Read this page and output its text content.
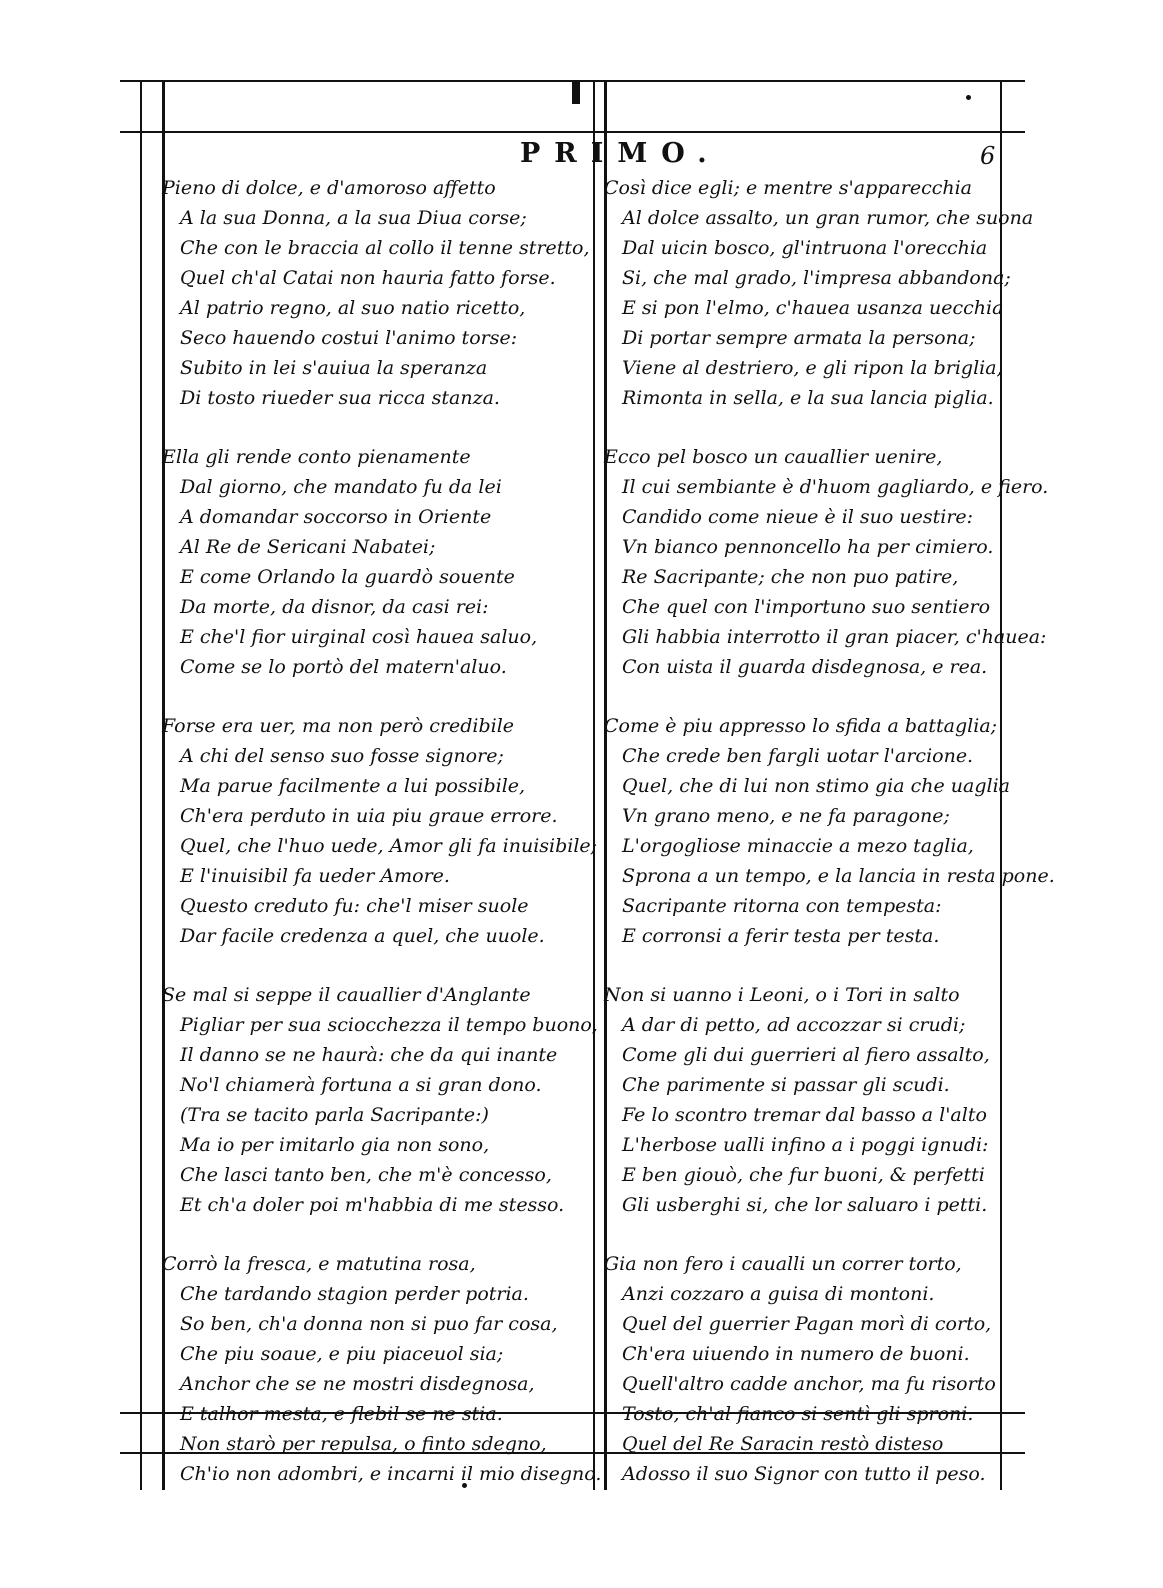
PRIMO.	6
Pieno di dolce, e d'amoroso affetto
A la sua Donna, a la sua Diua corse;
Che con le braccia al collo il tenne stretto,
Quel ch'al Catai non hauria fatto forse.
Al patrio regno, al suo natio ricetto,
Seco hauendo costui l'animo torse:
Subito in lei s'auiua la speranza
Di tosto riueder sua ricca stanza.
Ella gli rende conto pienamente
Dal giorno, che mandato fu da lei
A domandar soccorso in Oriente
Al Re de Sericani Nabatei;
E come Orlando la guardò souente
Da morte, da disnor, da casi rei:
E che'l fior uirginal così hauea saluo,
Come se lo portò del matern'aluo.
Forse era uer, ma non però credibile
A chi del senso suo fosse signore;
Ma parue facilmente a lui possibile,
Ch'era perduto in uia piu graue errore.
Quel, che l'huo uede, Amor gli fa inuisibile;
E l'inuisibil fa ueder Amore.
Questo creduto fu: che'l miser suole
Dar facile credenza a quel, che uuole.
Se mal si seppe il cauallier d'Anglante
Pigliar per sua sciocchezza il tempo buono,
Il danno se ne haurà: che da qui inante
No'l chiamerà fortuna a si gran dono.
(Tra se tacito parla Sacripante:)
Ma io per imitarlo gia non sono,
Che lasci tanto ben, che m'è concesso,
Et ch'a doler poi m'habbia di me stesso.
Corrò la fresca, e matutina rosa,
Che tardando stagion perder potria.
So ben, ch'a donna non si puo far cosa,
Che piu soaue, e piu piaceuol sia;
Anchor che se ne mostri disdegnosa,
E talhor mesta, e flebil se ne stia.
Non starò per repulsa, o finto sdegno,
Ch'io non adombri, e incarni il mio disegno.
Così dice egli; e mentre s'apparecchia
Al dolce assalto, un gran rumor, che suona
Dal uicin bosco, gl'intruona l'orecchia
Si, che mal grado, l'impresa abbandona;
E si pon l'elmo, c'hauea usanza uecchia
Di portar sempre armata la persona;
Viene al destriero, e gli ripon la briglia,
Rimonta in sella, e la sua lancia piglia.
Ecco pel bosco un cauallier uenire,
Il cui sembiante è d'huom gagliardo, e fiero.
Candido come nieue è il suo uestire:
Vn bianco pennoncello ha per cimiero.
Re Sacripante; che non puo patire,
Che quel con l'importuno suo sentiero
Gli habbia interrotto il gran piacer, c'hauea:
Con uista il guarda disdegnosa, e rea.
Come è piu appresso lo sfida a battaglia;
Che crede ben fargli uotar l'arcione.
Quel, che di lui non stimo gia che uaglia
Vn grano meno, e ne fa paragone;
L'orgogliose minaccie a mezo taglia,
Sprona a un tempo, e la lancia in resta pone.
Sacripante ritorna con tempesta:
E corronsi a ferir testa per testa.
Non si uanno i Leoni, o i Tori in salto
A dar di petto, ad accozzar si crudi;
Come gli dui guerrieri al fiero assalto,
Che parimente si passar gli scudi.
Fe lo scontro tremar dal basso a l'alto
L'herbose ualli infino a i poggi ignudi:
E ben giouò, che fur buoni, & perfetti
Gli usberghi si, che lor saluaro i petti.
Gia non fero i caualli un correr torto,
Anzi cozzaro a guisa di montoni.
Quel del guerrier Pagan morì di corto,
Ch'era uiuendo in numero de buoni.
Quell'altro cadde anchor, ma fu risorto
Tosto, ch'al fianco si sentì gli sproni.
Quel del Re Saracin restò disteso
Adosso il suo Signor con tutto il peso.
